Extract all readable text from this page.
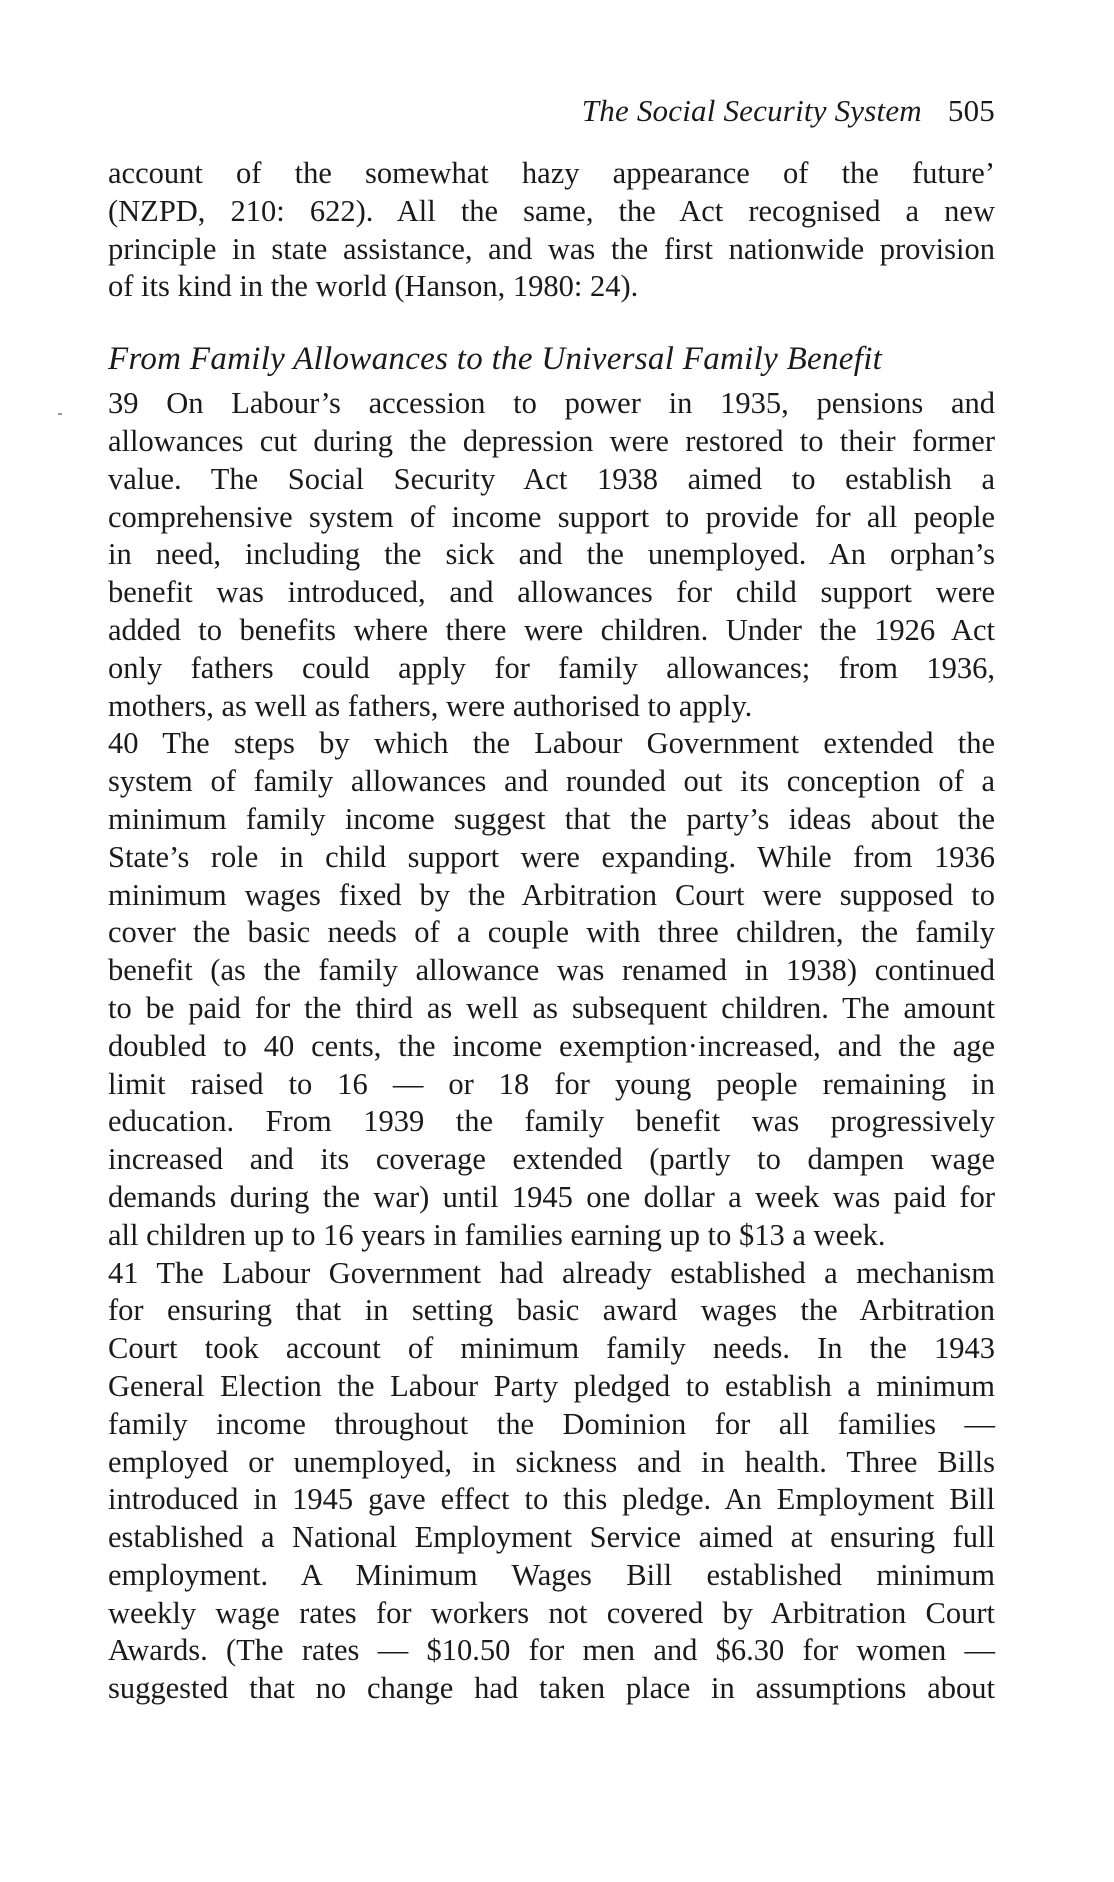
The Social Security System 505
account of the somewhat hazy appearance of the future’
(NZPD, 210: 622). All the same, the Act recognised a new
principle in state assistance, and was the first nationwide provision
of its kind in the world (Hanson, 1980: 24).
From Family Allowances to the Universal Family Benefit
39 On Labour’s accession to power in 1935, pensions and
allowances cut during the depression were restored to their former
value. The Social Security Act 1938 aimed to establish a
comprehensive system of income support to provide for all people
in need, including the sick and the unemployed. An orphan’s
benefit was introduced, and allowances for child support were
added to benefits where there were children. Under the 1926 Act
only fathers could apply for family allowances; from 1936,
mothers, as well as fathers, were authorised to apply.
40 The steps by which the Labour Government extended the
system of family allowances and rounded out its conception of a
minimum family income suggest that the party’s ideas about the
State’s role in child support were expanding. While from 1936
minimum wages fixed by the Arbitration Court were supposed to
cover the basic needs of a couple with three children, the family
benefit (as the family allowance was renamed in 1938) continued
to be paid for the third as well as subsequent children. The amount
doubled to 40 cents, the income exemption·increased, and the age
limit raised to 16 — or 18 for young people remaining in
education. From 1939 the family benefit was progressively
increased and its coverage extended (partly to dampen wage
demands during the war) until 1945 one dollar a week was paid for
all children up to 16 years in families earning up to $13 a week.
41 The Labour Government had already established a mechanism
for ensuring that in setting basic award wages the Arbitration
Court took account of minimum family needs. In the 1943
General Election the Labour Party pledged to establish a minimum
family income throughout the Dominion for all families —
employed or unemployed, in sickness and in health. Three Bills
introduced in 1945 gave effect to this pledge. An Employment Bill
established a National Employment Service aimed at ensuring full
employment. A Minimum Wages Bill established minimum
weekly wage rates for workers not covered by Arbitration Court
Awards. (The rates — $10.50 for men and $6.30 for women —
suggested that no change had taken place in assumptions about
